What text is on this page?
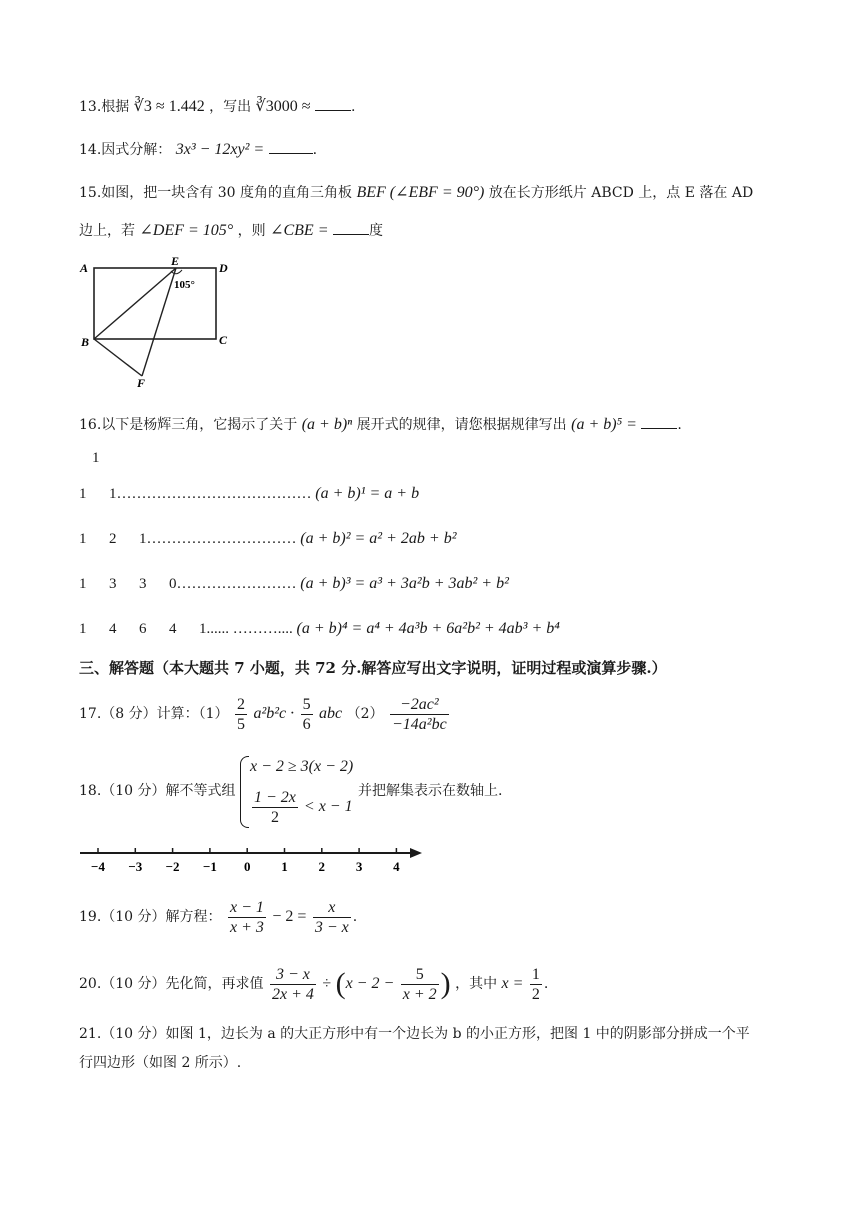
13.根据 ∛3 ≈ 1.442 ，写出 ∛3000 ≈	.
14.因式分解： 3x³ − 12xy² =	.
15.如图，把一块含有 30 度角的直角三角板 BEF (∠EBF = 90°) 放在长方形纸片 ABCD 上，点 E 落在 AD
边上，若 ∠DEF = 105° ，则 ∠CBE =	度
A	E	D
B	C
F
105°
16.以下是杨辉三角，它揭示了关于 (a + b)ⁿ 展开式的规律，请您根据规律写出 (a + b)⁵ =	.
1
1      1………………………………… (a + b)¹ = a + b
1      2      1………………………… (a + b)² = a² + 2ab + b²
1      3      3      0…………………… (a + b)³ = a³ + 3a²b + 3ab² + b²
1      4      6      4      1...... ……….... (a + b)⁴ = a⁴ + 4a³b + 6a²b² + 4ab³ + b⁴
三、解答题（本大题共 7 小题，共 72 分.解答应写出文字说明，证明过程或演算步骤.）
17.（8 分）计算：$(1) \frac{2}{5} a^2b^2c \cdot \frac{5}{6}$ abc $(2) \frac{\text{−2ac²}}{\text{−14a²bc}}$
18.（10 分）解不等式组
x − 2 ≥ 3(x − 2)
$\frac{1 - 2x}{2} < x - 1$
并把解集表示在数轴上.
−4 −3 −2 −1 0 1 2 3 4
19.（10 分）解方程： $\frac{x - 1}{x + 3} - 2 = \frac{x}{3 - x}$ .
20.（10 分）先化简，再求值 $\frac{3 - x}{2x + 4} \div (x - 2 - \frac{5}{x + 2}$ ) ，其中 $x = \frac{1}{2}$ .
21.（10 分）如图 1，边长为 a 的大正方形中有一个边长为 b 的小正方形，把图 1 中的阴影部分拼成一个平
行四边形（如图 2 所示）.
